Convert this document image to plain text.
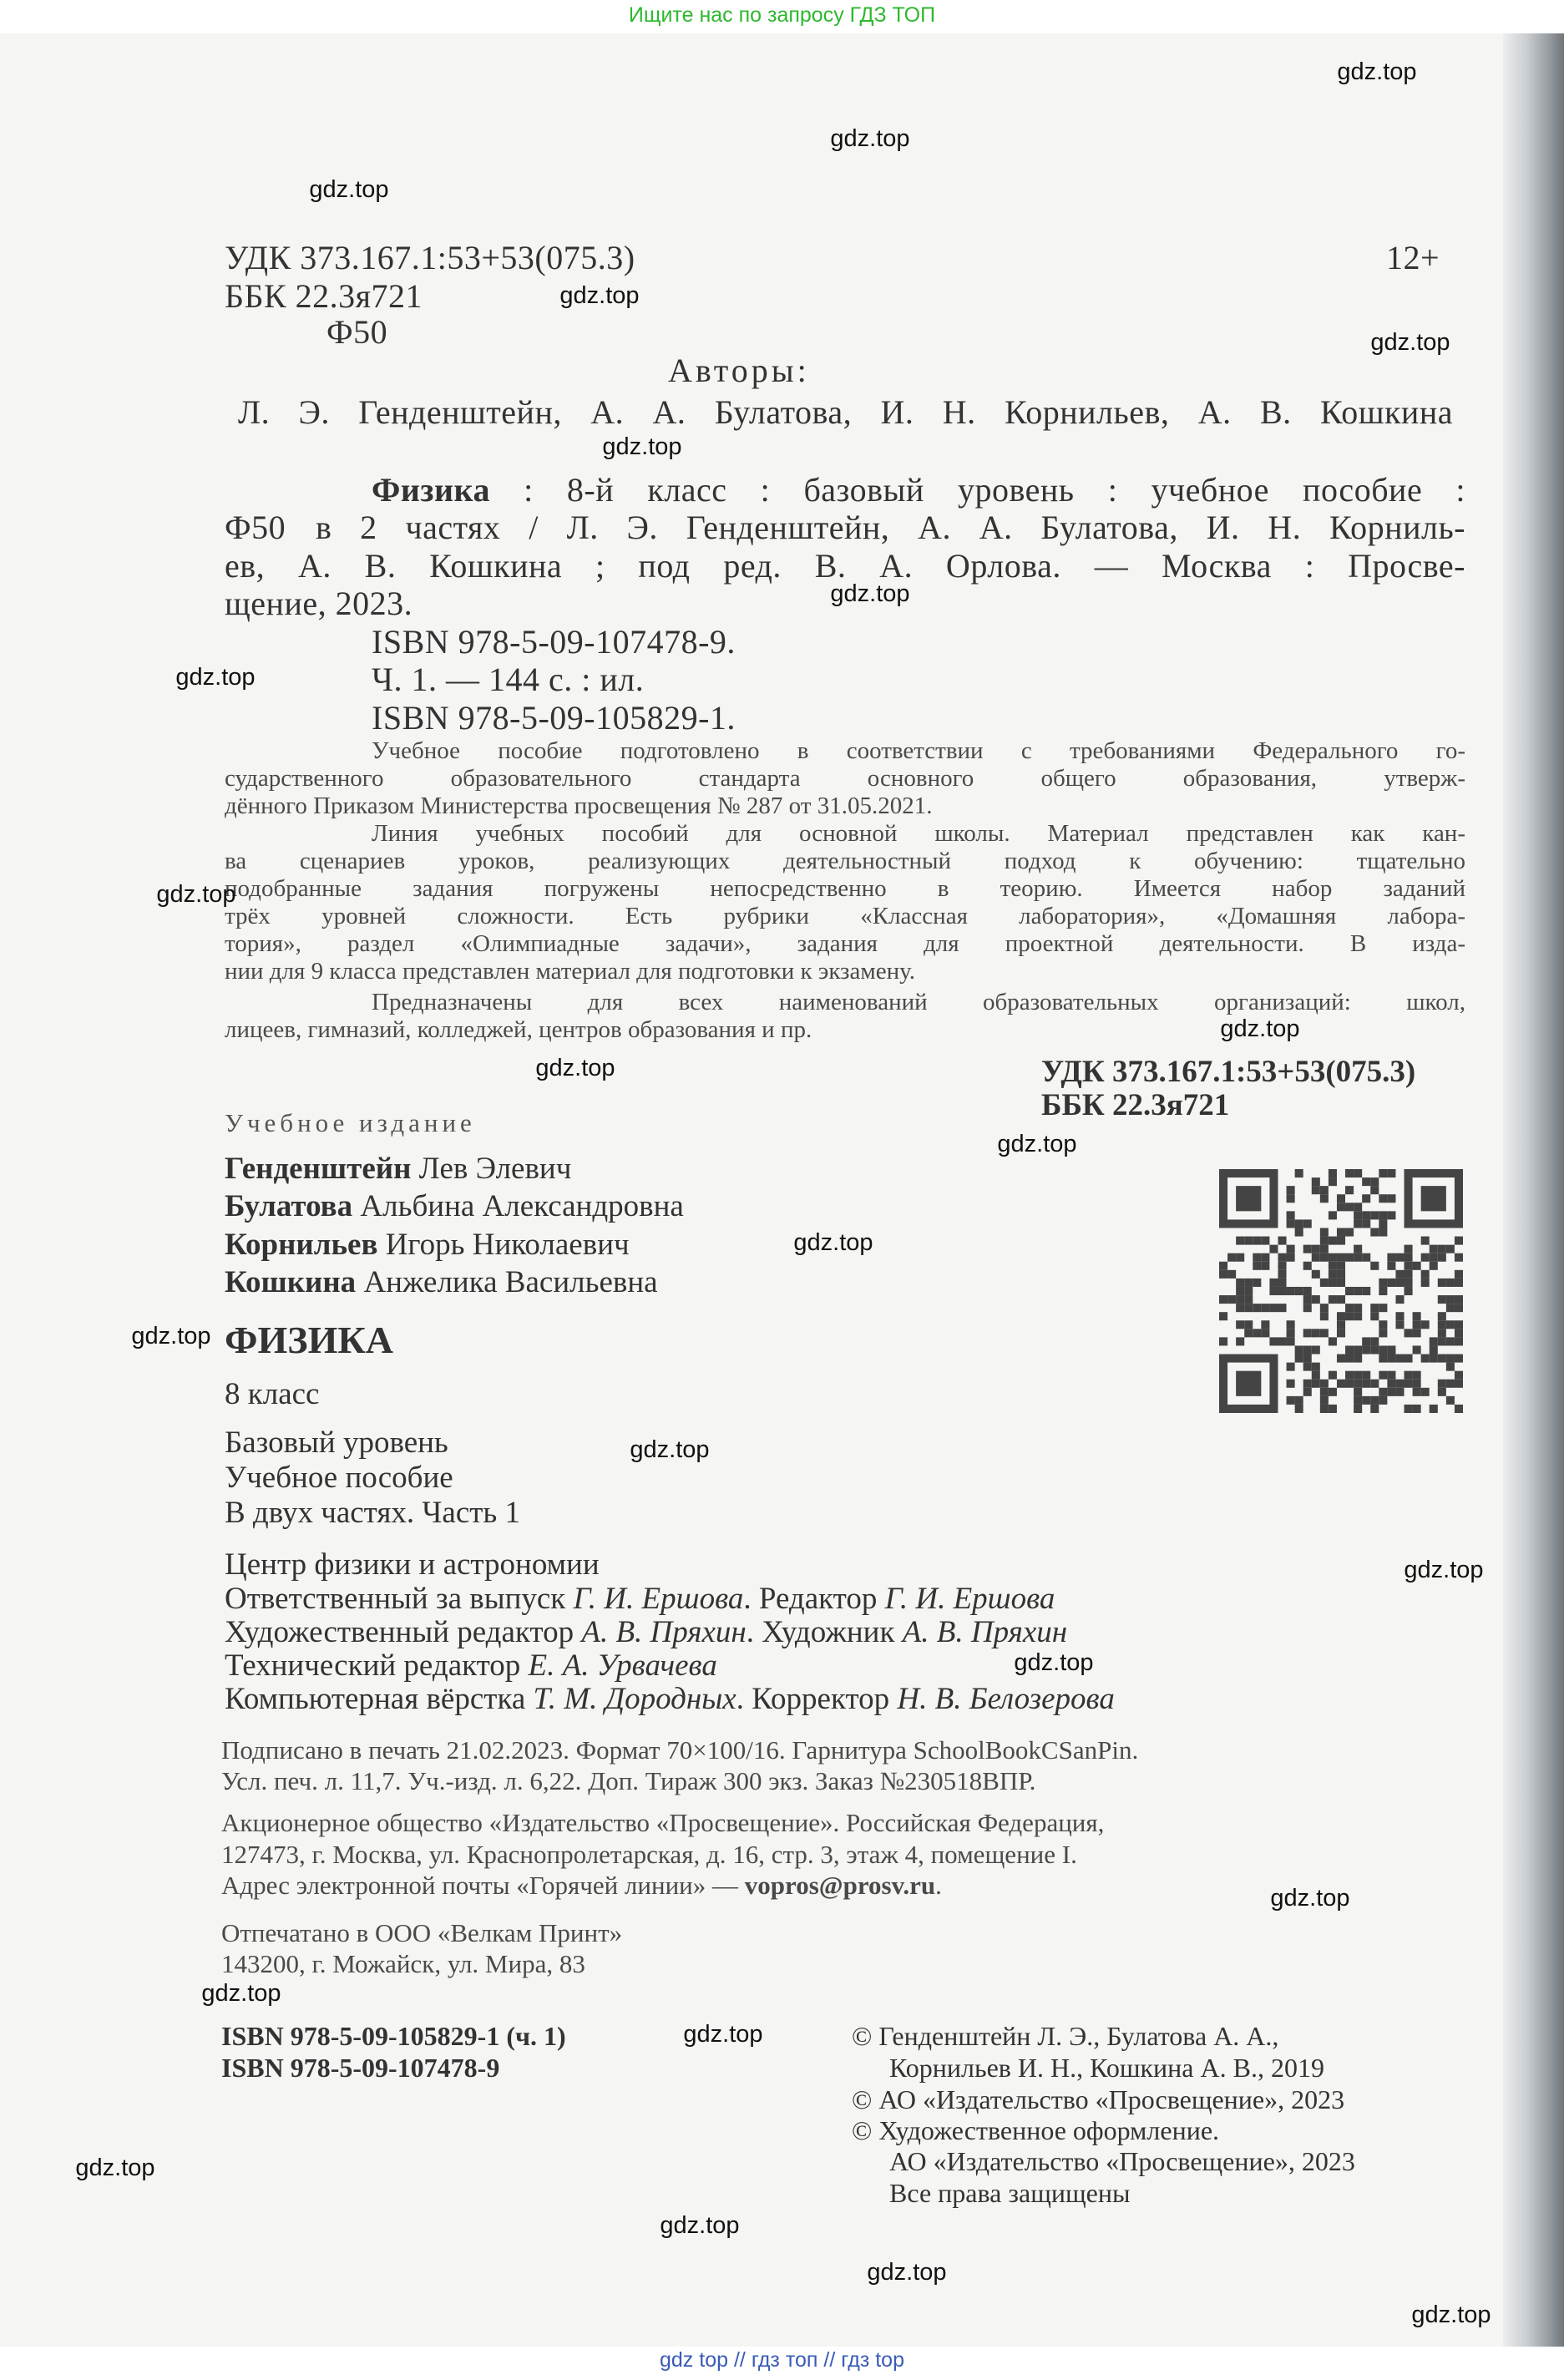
Ищите нас по запросу ГДЗ ТОП
gdz top // гдз топ // гдз top
УДК 373.167.1:53+53(075.3)	12+
ББК 22.3я721
Ф50
Авторы:
Л. Э. Генденштейн, А. А. Булатова, И. Н. Корнильев, А. В. Кошкина
Физика : 8-й класс : базовый уровень : учебное пособие :
Ф50 в 2 частях / Л. Э. Генденштейн, А. А. Булатова, И. Н. Корниль-
ев, А. В. Кошкина ; под ред. В. А. Орлова. — Москва : Просве-
щение, 2023.
ISBN 978-5-09-107478-9.
Ч. 1. — 144 с. : ил.
ISBN 978-5-09-105829-1.
Учебное пособие подготовлено в соответствии с требованиями Федерального го-
сударственного образовательного стандарта основного общего образования, утверж-
дённого Приказом Министерства просвещения № 287 от 31.05.2021.
Линия учебных пособий для основной школы. Материал представлен как кан-
ва сценариев уроков, реализующих деятельностный подход к обучению: тщательно
подобранные задания погружены непосредственно в теорию. Имеется набор заданий
трёх уровней сложности. Есть рубрики «Классная лаборатория», «Домашняя лабора-
тория», раздел «Олимпиадные задачи», задания для проектной деятельности. В изда-
нии для 9 класса представлен материал для подготовки к экзамену.
Предназначены для всех наименований образовательных организаций: школ,
лицеев, гимназий, колледжей, центров образования и пр.
УДК 373.167.1:53+53(075.3)
ББК 22.3я721
Учебное издание
Генденштейн Лев Элевич
Булатова Альбина Александровна
Корнильев Игорь Николаевич
Кошкина Анжелика Васильевна
ФИЗИКА
8 класс
Базовый уровень
Учебное пособие
В двух частях. Часть 1
Центр физики и астрономии
Ответственный за выпуск Г. И. Ершова. Редактор Г. И. Ершова
Художественный редактор А. В. Пряхин. Художник А. В. Пряхин
Технический редактор Е. А. Урвачева
Компьютерная вёрстка Т. М. Дородных. Корректор Н. В. Белозерова
Подписано в печать 21.02.2023. Формат 70×100/16. Гарнитура SchoolBookCSanPin.
Усл. печ. л. 11,7. Уч.-изд. л. 6,22. Доп. Тираж 300 экз. Заказ №230518ВПР.
Акционерное общество «Издательство «Просвещение». Российская Федерация,
127473, г. Москва, ул. Краснопролетарская, д. 16, стр. 3, этаж 4, помещение I.
Адрес электронной почты «Горячей линии» — vopros@prosv.ru.
Отпечатано в ООО «Велкам Принт»
143200, г. Можайск, ул. Мира, 83
ISBN 978-5-09-105829-1 (ч. 1)
ISBN 978-5-09-107478-9
© Генденштейн Л. Э., Булатова А. А.,
Корнильев И. Н., Кошкина А. В., 2019
© АО «Издательство «Просвещение», 2023
© Художественное оформление.
АО «Издательство «Просвещение», 2023
Все права защищены
gdz.top
gdz.top
gdz.top
gdz.top
gdz.top
gdz.top
gdz.top
gdz.top
gdz.top
gdz.top
gdz.top
gdz.top
gdz.top
gdz.top
gdz.top
gdz.top
gdz.top
gdz.top
gdz.top
gdz.top
gdz.top
gdz.top
gdz.top
gdz.top
